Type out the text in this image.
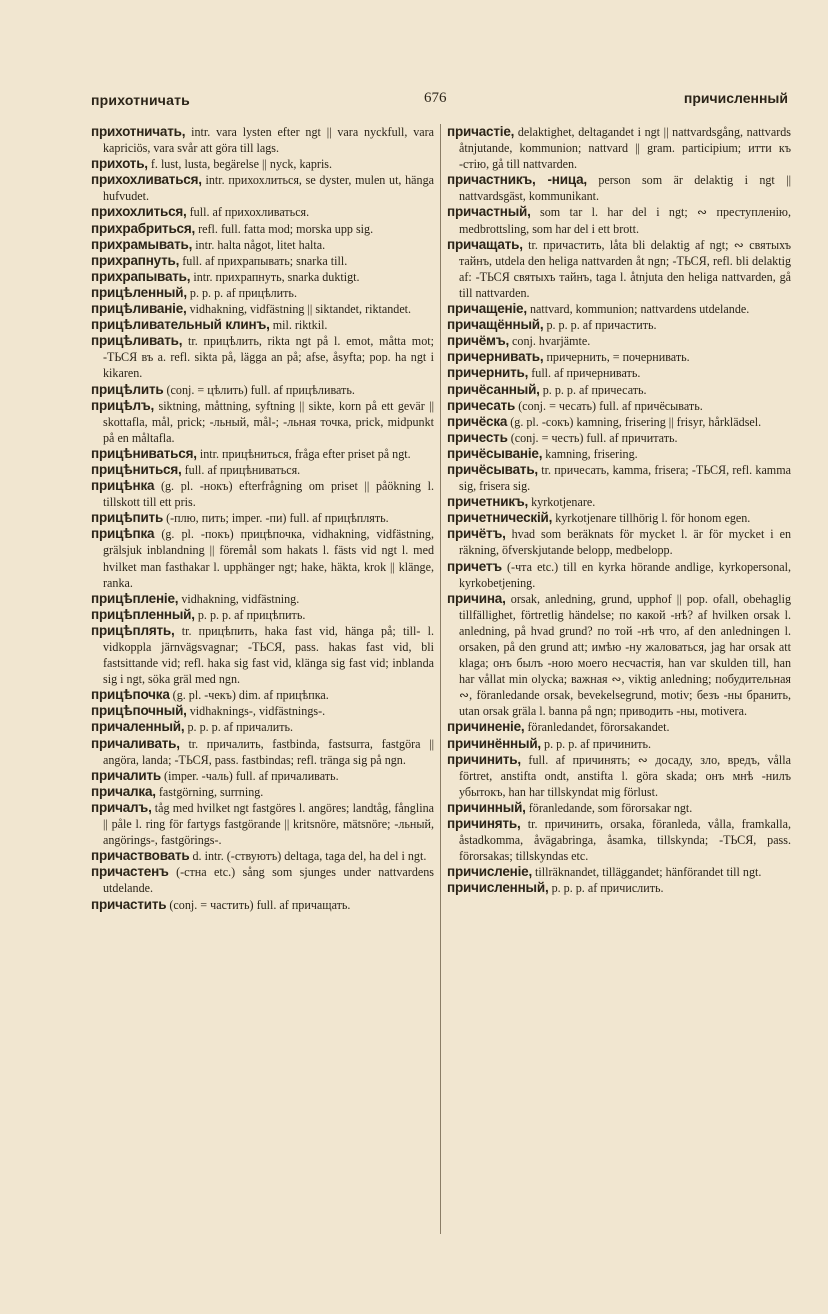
прихотничать	676	причисленный

прихотничать, intr. vara lysten efter ngt || vara nyckfull, vara kapriciös, vara svår att göra till lags.

прихоть, f. lust, lusta, begärelse || nyck, kapris.

прихохливаться, intr. прихохлиться, se dyster, mulen ut, hänga hufvudet.

прихохлиться, full. af прихохливаться.

прихрабриться, refl. full. fatta mod; morska upp sig.

прихрамывать, intr. halta något, litet halta.

прихрапнуть, full. af прихрапывать; snarka till.

прихрапывать, intr. прихрапнуть, snarka duktigt.

прицѣленный, p. p. p. af прицѣлить.

прицѣливаніе, vidhakning, vidfästning || siktandet, riktandet.

прицѣливательный клинъ, mil. riktkil.

прицѣливать, tr. прицѣлить, rikta ngt på l. emot, måtta mot; -ТЬСЯ въ a. refl. sikta på, lägga an på; afse, åsyfta; pop. ha ngt i kikaren.

прицѣлить (conj. = цѣлить) full. af прицѣливать.

прицѣлъ, siktning, måttning, syftning || sikte, korn på ett gevär || skottafla, mål, prick; -льный, mål-; -льная точка, prick, midpunkt på en måltafla.

прицѣниваться, intr. прицѣниться, fråga efter priset på ngt.

прицѣниться, full. af прицѣниваться.

прицѣнка (g. pl. -нокъ) efterfrågning om priset || påökning l. tillskott till ett pris.

прицѣпить (-плю, пить; imper. -пи) full. af прицѣплять.

прицѣпка (g. pl. -покъ) прицѣпочка, vidhakning, vidfästning, grälsjuk inblandning || föremål som hakats l. fästs vid ngt l. med hvilket man fasthakar l. upphänger ngt; hake, häkta, krok || klänge, ranka.

прицѣпленіе, vidhakning, vidfästning.

прицѣпленный, p. p. p. af прицѣпить.

прицѣплять, tr. прицѣпить, haka fast vid, hänga på; till- l. vidkoppla järnvägsvagnar; -ТЬСЯ, pass. hakas fast vid, bli fastsittande vid; refl. haka sig fast vid, klänga sig fast vid; inblanda sig i ngt, söka gräl med ngn.

прицѣпочка (g. pl. -чекъ) dim. af прицѣпка.

прицѣпочный, vidhaknings-, vidfästnings-.

причаленный, p. p. p. af причалить.

причаливать, tr. причалить, fastbinda, fastsurra, fastgöra || angöra, landa; -ТЬСЯ, pass. fastbindas; refl. tränga sig på ngn.

причалить (imper. -чаль) full. af причаливать.

причалка, fastgörning, surrning.

причалъ, tåg med hvilket ngt fastgöres l. angöres; landtåg, fånglina || påle l. ring för fartygs fastgörande || kritsnöre, mätsnöre; -льный, angörings-, fastgörings-.

причаствовать d. intr. (-ствуютъ) deltaga, taga del, ha del i ngt.

причастенъ (-стна etc.) sång som sjunges under nattvardens utdelande.

причастить (conj. = частить) full. af причащать.

причастіе, delaktighet, deltagandet i ngt || nattvardsgång, nattvards åtnjutande, kommunion; nattvard || gram. participium; итти къ -стію, gå till nattvarden.

причастникъ, -ница, person som är delaktig i ngt || nattvardsgäst, kommunikant.

причастный, som tar l. har del i ngt; ∾ преступленію, medbrottsling, som har del i ett brott.

причащать, tr. причастить, låta bli delaktig af ngt; ∾ святыхъ тайнъ, utdela den heliga nattvarden åt ngn; -ТЬСЯ, refl. bli delaktig af: -ТЬСЯ святыхъ тайнъ, taga l. åtnjuta den heliga nattvarden, gå till nattvarden.

причащеніе, nattvard, kommunion; nattvardens utdelande.

причащённый, p. p. p. af причастить.

причёмъ, conj. hvarjämte.

причернивать, причернить, = почернивать.

причернить, full. af причернивать.

причёсанный, p. p. p. af причесать.

причесать (conj. = чесать) full. af причёсывать.

причёска (g. pl. -сокъ) kamning, frisering || frisyr, hårklädsel.

причесть (conj. = честь) full. af причитать.

причёсываніе, kamning, frisering.

причёсывать, tr. причесать, kamma, frisera; -ТЬСЯ, refl. kamma sig, frisera sig.

причетникъ, kyrkotjenare.

причетническій, kyrkotjenare tillhörig l. för honom egen.

причётъ, hvad som beräknats för mycket l. är för mycket i en räkning, öfverskjutande belopp, medbelopp.

причетъ (-чта etc.) till en kyrka hörande andlige, kyrkopersonal, kyrkobetjening.

причина, orsak, anledning, grund, upphof || pop. ofall, obehaglig tillfällighet, förtretlig händelse; по какой -нѣ? af hvilken orsak l. anledning, på hvad grund? по той -нѣ что, af den anledningen l. orsaken, på den grund att; имѣю -ну жаловаться, jag har orsak att klaga; онъ былъ -ною моего несчастія, han var skulden till, han har vållat min olycka; важная ∾, viktig anledning; побудительная ∾, föranledande orsak, bevekelsegrund, motiv; безъ -ны бранить, utan orsak gräla l. banna på ngn; приводить -ны, motivera.

причиненіе, föranledandet, förorsakandet.

причинённый, p. p. p. af причинить.

причинить, full. af причинять; ∾ досаду, зло, вредъ, vålla förtret, anstifta ondt, anstifta l. göra skada; онъ мнѣ -нилъ убытокъ, han har tillskyndat mig förlust.

причинный, föranledande, som förorsakar ngt.

причинять, tr. причинить, orsaka, föranleda, vålla, framkalla, åstadkomma, åvägabringa, åsamka, tillskynda; -ТЬСЯ, pass. förorsakas; tillskyndas etc.

причисленіе, tillräknandet, tilläggandet; hänförandet till ngt.

причисленный, p. p. p. af причислить.
